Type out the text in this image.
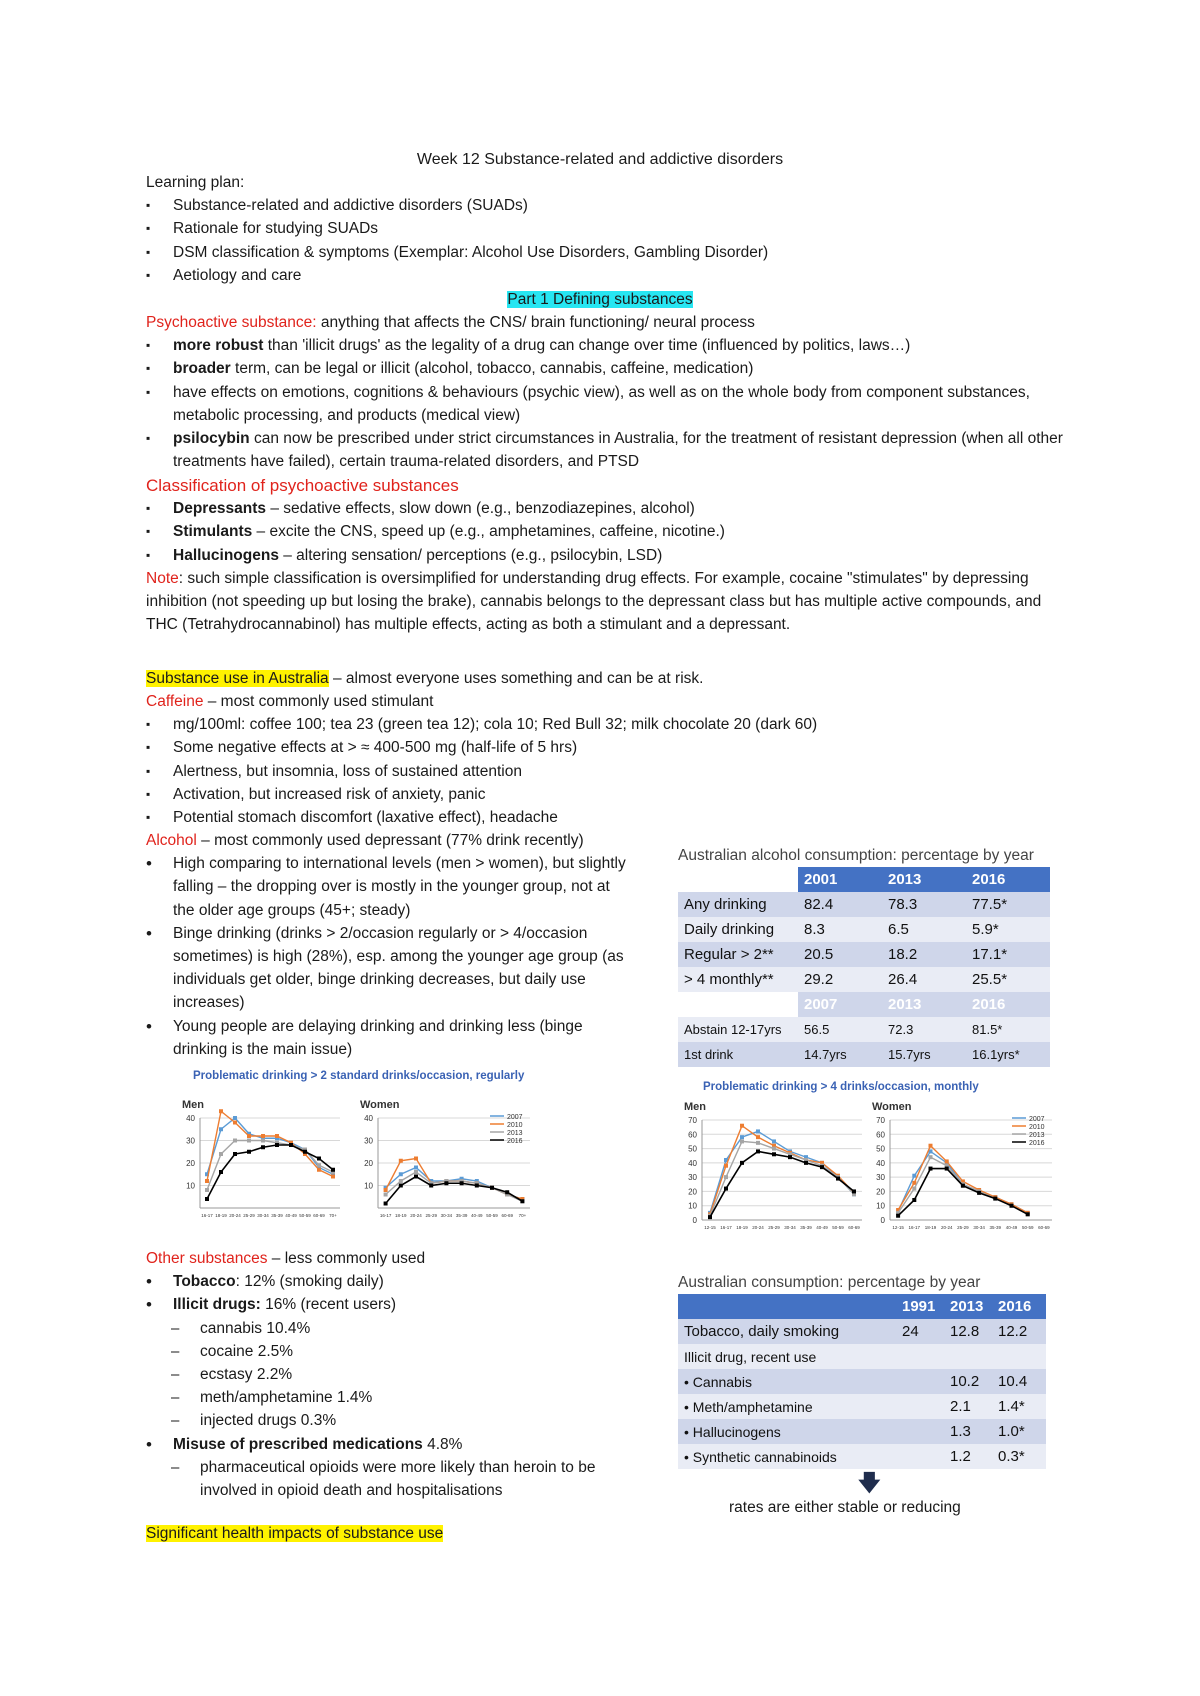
Week 12 Substance-related and addictive disorders
Learning plan:
▪ Substance-related and addictive disorders (SUADs)
▪ Rationale for studying SUADs
▪ DSM classification & symptoms (Exemplar: Alcohol Use Disorders, Gambling Disorder)
▪ Aetiology and care
Part 1 Defining substances
Psychoactive substance: anything that affects the CNS/ brain functioning/ neural process
▪ more robust than 'illicit drugs' as the legality of a drug can change over time (influenced by politics, laws…)
▪ broader term, can be legal or illicit (alcohol, tobacco, cannabis, caffeine, medication)
▪ have effects on emotions, cognitions & behaviours (psychic view), as well as on the whole body from component substances, metabolic processing, and products (medical view)
▪ psilocybin can now be prescribed under strict circumstances in Australia, for the treatment of resistant depression (when all other treatments have failed), certain trauma-related disorders, and PTSD
Classification of psychoactive substances
▪ Depressants – sedative effects, slow down (e.g., benzodiazepines, alcohol)
▪ Stimulants – excite the CNS, speed up (e.g., amphetamines, caffeine, nicotine.)
▪ Hallucinogens – altering sensation/ perceptions (e.g., psilocybin, LSD)
Note: such simple classification is oversimplified for understanding drug effects. For example, cocaine "stimulates" by depressing inhibition (not speeding up but losing the brake), cannabis belongs to the depressant class but has multiple active compounds, and THC (Tetrahydrocannabinol) has multiple effects, acting as both a stimulant and a depressant.
Substance use in Australia – almost everyone uses something and can be at risk.
Caffeine – most commonly used stimulant
▪ mg/100ml: coffee 100; tea 23 (green tea 12); cola 10; Red Bull 32; milk chocolate 20 (dark 60)
▪ Some negative effects at > ≈ 400-500 mg (half-life of 5 hrs)
▪ Alertness, but insomnia, loss of sustained attention
▪ Activation, but increased risk of anxiety, panic
▪ Potential stomach discomfort (laxative effect), headache
Alcohol – most commonly used depressant (77% drink recently)
• High comparing to international levels (men > women), but slightly falling – the dropping over is mostly in the younger group, not at the older age groups (45+; steady)
• Binge drinking (drinks > 2/occasion regularly or > 4/occasion sometimes) is high (28%), esp. among the younger age group (as individuals get older, binge drinking decreases, but daily use increases)
• Young people are delaying drinking and drinking less (binge drinking is the main issue)
Australian alcohol consumption: percentage by year
	2001	2013	2016
Any drinking	82.4	78.3	77.5*
Daily drinking	8.3	6.5	5.9*
Regular > 2**	20.5	18.2	17.1*
> 4 monthly**	29.2	26.4	25.5*
	2007	2013	2016
Abstain 12-17yrs	56.5	72.3	81.5*
1st drink	14.7yrs	15.7yrs	16.1yrs*
Problematic drinking > 2 standard drinks/occasion, regularly
Men
10
20
30
40
16-17 18-19 20-24 25-29 30-34 35-39 40-49 50-59 60-69 70+
Women
10
20
30
40
16-17 18-19 20-24 25-29 30-34 35-39 40-49 50-59 60-69 70+
2007
2010
2013
2016
Problematic drinking > 4 drinks/occasion, monthly
Men
0
10
20
30
40
50
60
70
12-15 16-17 18-19 20-24 25-29 30-34 35-39 40-49 50-59 60-69
Women
0
10
20
30
40
50
60
70
12-15 16-17 18-19 20-24 25-29 30-34 35-39 40-49 50-59 60-69
2007
2010
2013
2016
Other substances – less commonly used
• Tobacco: 12% (smoking daily)
• Illicit drugs: 16% (recent users)
– cannabis 10.4%
– cocaine 2.5%
– ecstasy 2.2%
– meth/amphetamine 1.4%
– injected drugs 0.3%
• Misuse of prescribed medications 4.8%
– pharmaceutical opioids were more likely than heroin to be involved in opioid death and hospitalisations
Australian consumption: percentage by year
	1991	2013	2016
Tobacco, daily smoking	24	12.8	12.2
Illicit drug, recent use			
• Cannabis		10.2	10.4
• Meth/amphetamine		2.1	1.4*
• Hallucinogens		1.3	1.0*
• Synthetic cannabinoids		1.2	0.3*
🡇
rates are either stable or reducing
Significant health impacts of substance use
